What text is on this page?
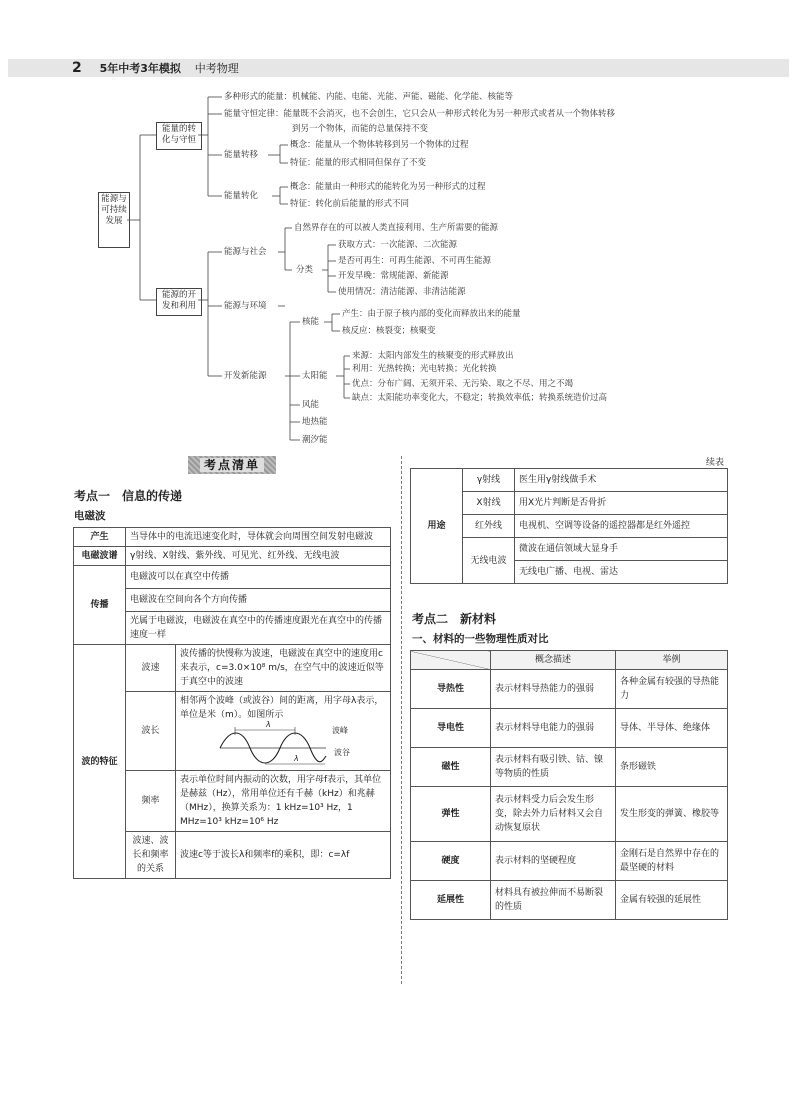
2 5年中考3年模拟 中考物理
能源与可持续发展
能量的转化与守恒
能源的开发和利用
多种形式的能量：机械能、内能、电能、光能、声能、磁能、化学能、核能等
能量守恒定律：能量既不会消灭，也不会创生，它只会从一种形式转化为另一种形式或者从一个物体转移
到另一个物体，而能的总量保持不变
能量转移
概念：能量从一个物体转移到另一个物体的过程
特征：能量的形式相同但保存了不变
能量转化
概念：能量由一种形式的能转化为另一种形式的过程
特征：转化前后能量的形式不同
能源与社会
自然界存在的可以被人类直接利用、生产所需要的能源
分类
获取方式：一次能源、二次能源
是否可再生：可再生能源、不可再生能源
开发早晚：常规能源、新能源
使用情况：清洁能源、非清洁能源
能源与环境
开发新能源
核能
产生：由于原子核内部的变化而释放出来的能量
核反应：核裂变；核聚变
太阳能
来源：太阳内部发生的核聚变的形式释放出
利用：光热转换；光电转换；光化转换
优点：分布广阔、无须开采、无污染、取之不尽、用之不竭
缺点：太阳能功率变化大，不稳定；转换效率低；转换系统造价过高
风能
地热能
潮汐能
考点清单
考点一　信息的传递
电磁波
产生	当导体中的电流迅速变化时，导体就会向周围空间发射电磁波	
电磁波谱	γ射线、X射线、紫外线、可见光、红外线、无线电波	
传播	电磁波可以在真空中传播	
	电磁波在空间向各个方向传播	
	光属于电磁波，电磁波在真空中的传播速度跟光在真空中的传播速度一样	
波的特征	波速	波传播的快慢称为波速，电磁波在真空中的速度用c来表示，c=3.0×10⁸ m/s，在空气中的波速近似等于真空中的波速
	波长	相邻两个波峰（或波谷）间的距离，用字母λ表示，单位是米（m）。如图所示
λ
λ
波峰
波谷

	频率	表示单位时间内振动的次数，用字母f表示，其单位是赫兹（Hz），常用单位还有千赫（kHz）和兆赫（MHz），换算关系为：1 kHz=10³ Hz，1 MHz=10³ kHz=10⁶ Hz
	波速、波长和频率的关系	波速c等于波长λ和频率f的乘积，即：c=λf
续表
用途	γ射线	医生用γ射线做手术
	X射线	用X光片判断是否骨折
	红外线	电视机、空调等设备的遥控器都是红外遥控
	无线电波	微波在通信领域大显身手
		无线电广播、电视、雷达
考点二　新材料
一、材料的一些物理性质对比
	概念描述	举例
导热性	表示材料导热能力的强弱	各种金属有较强的导热能力
导电性	表示材料导电能力的强弱	导体、半导体、绝缘体
磁性	表示材料有吸引铁、钴、镍等物质的性质	条形磁铁
弹性	表示材料受力后会发生形变，除去外力后材料又会自动恢复原状	发生形变的弹簧、橡胶等
硬度	表示材料的坚硬程度	金刚石是自然界中存在的最坚硬的材料
延展性	材料具有被拉伸而不易断裂的性质	金属有较强的延展性
